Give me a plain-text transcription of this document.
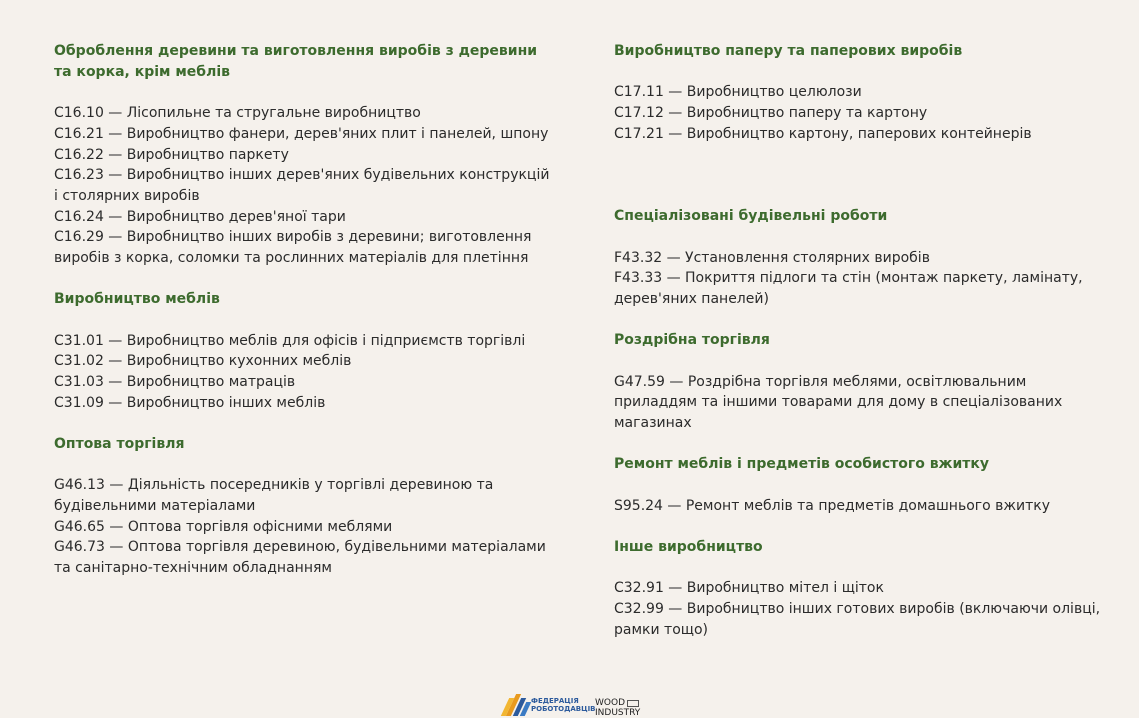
Оброблення деревини та виготовлення виробів з деревини та корка, крім меблів
C16.10 — Лісопильне та стругальне виробництво
C16.21 — Виробництво фанери, дерев'яних плит і панелей, шпону
C16.22 — Виробництво паркету
C16.23 — Виробництво інших дерев'яних будівельних конструкцій і столярних виробів
C16.24 — Виробництво дерев'яної тари
C16.29 — Виробництво інших виробів з деревини; виготовлення виробів з корка, соломки та рослинних матеріалів для плетіння
Виробництво меблів
C31.01 — Виробництво меблів для офісів і підприємств торгівлі
C31.02 — Виробництво кухонних меблів
C31.03 — Виробництво матраців
C31.09 — Виробництво інших меблів
Оптова торгівля
G46.13 — Діяльність посередників у торгівлі деревиною та будівельними матеріалами
G46.65 — Оптова торгівля офісними меблями
G46.73 — Оптова торгівля деревиною, будівельними матеріалами та санітарно-технічним обладнанням
Виробництво паперу та паперових виробів
C17.11 — Виробництво целюлози
C17.12 — Виробництво паперу та картону
C17.21 — Виробництво картону, паперових контейнерів
Спеціалізовані будівельні роботи
F43.32 — Установлення столярних виробів
F43.33 — Покриття підлоги та стін (монтаж паркету, ламінату, дерев'яних панелей)
Роздрібна торгівля
G47.59 — Роздрібна торгівля меблями, освітлювальним приладдям та іншими товарами для дому в спеціалізованих магазинах
Ремонт меблів і предметів особистого вжитку
S95.24 — Ремонт меблів та предметів домашнього вжитку
Інше виробництво
C32.91 — Виробництво мітел і щіток
C32.99 — Виробництво інших готових виробів (включаючи олівці, рамки тощо)
ФЕДЕРАЦІЯ
РОБОТОДАВЦІВ
WOOD
INDUSTRY
